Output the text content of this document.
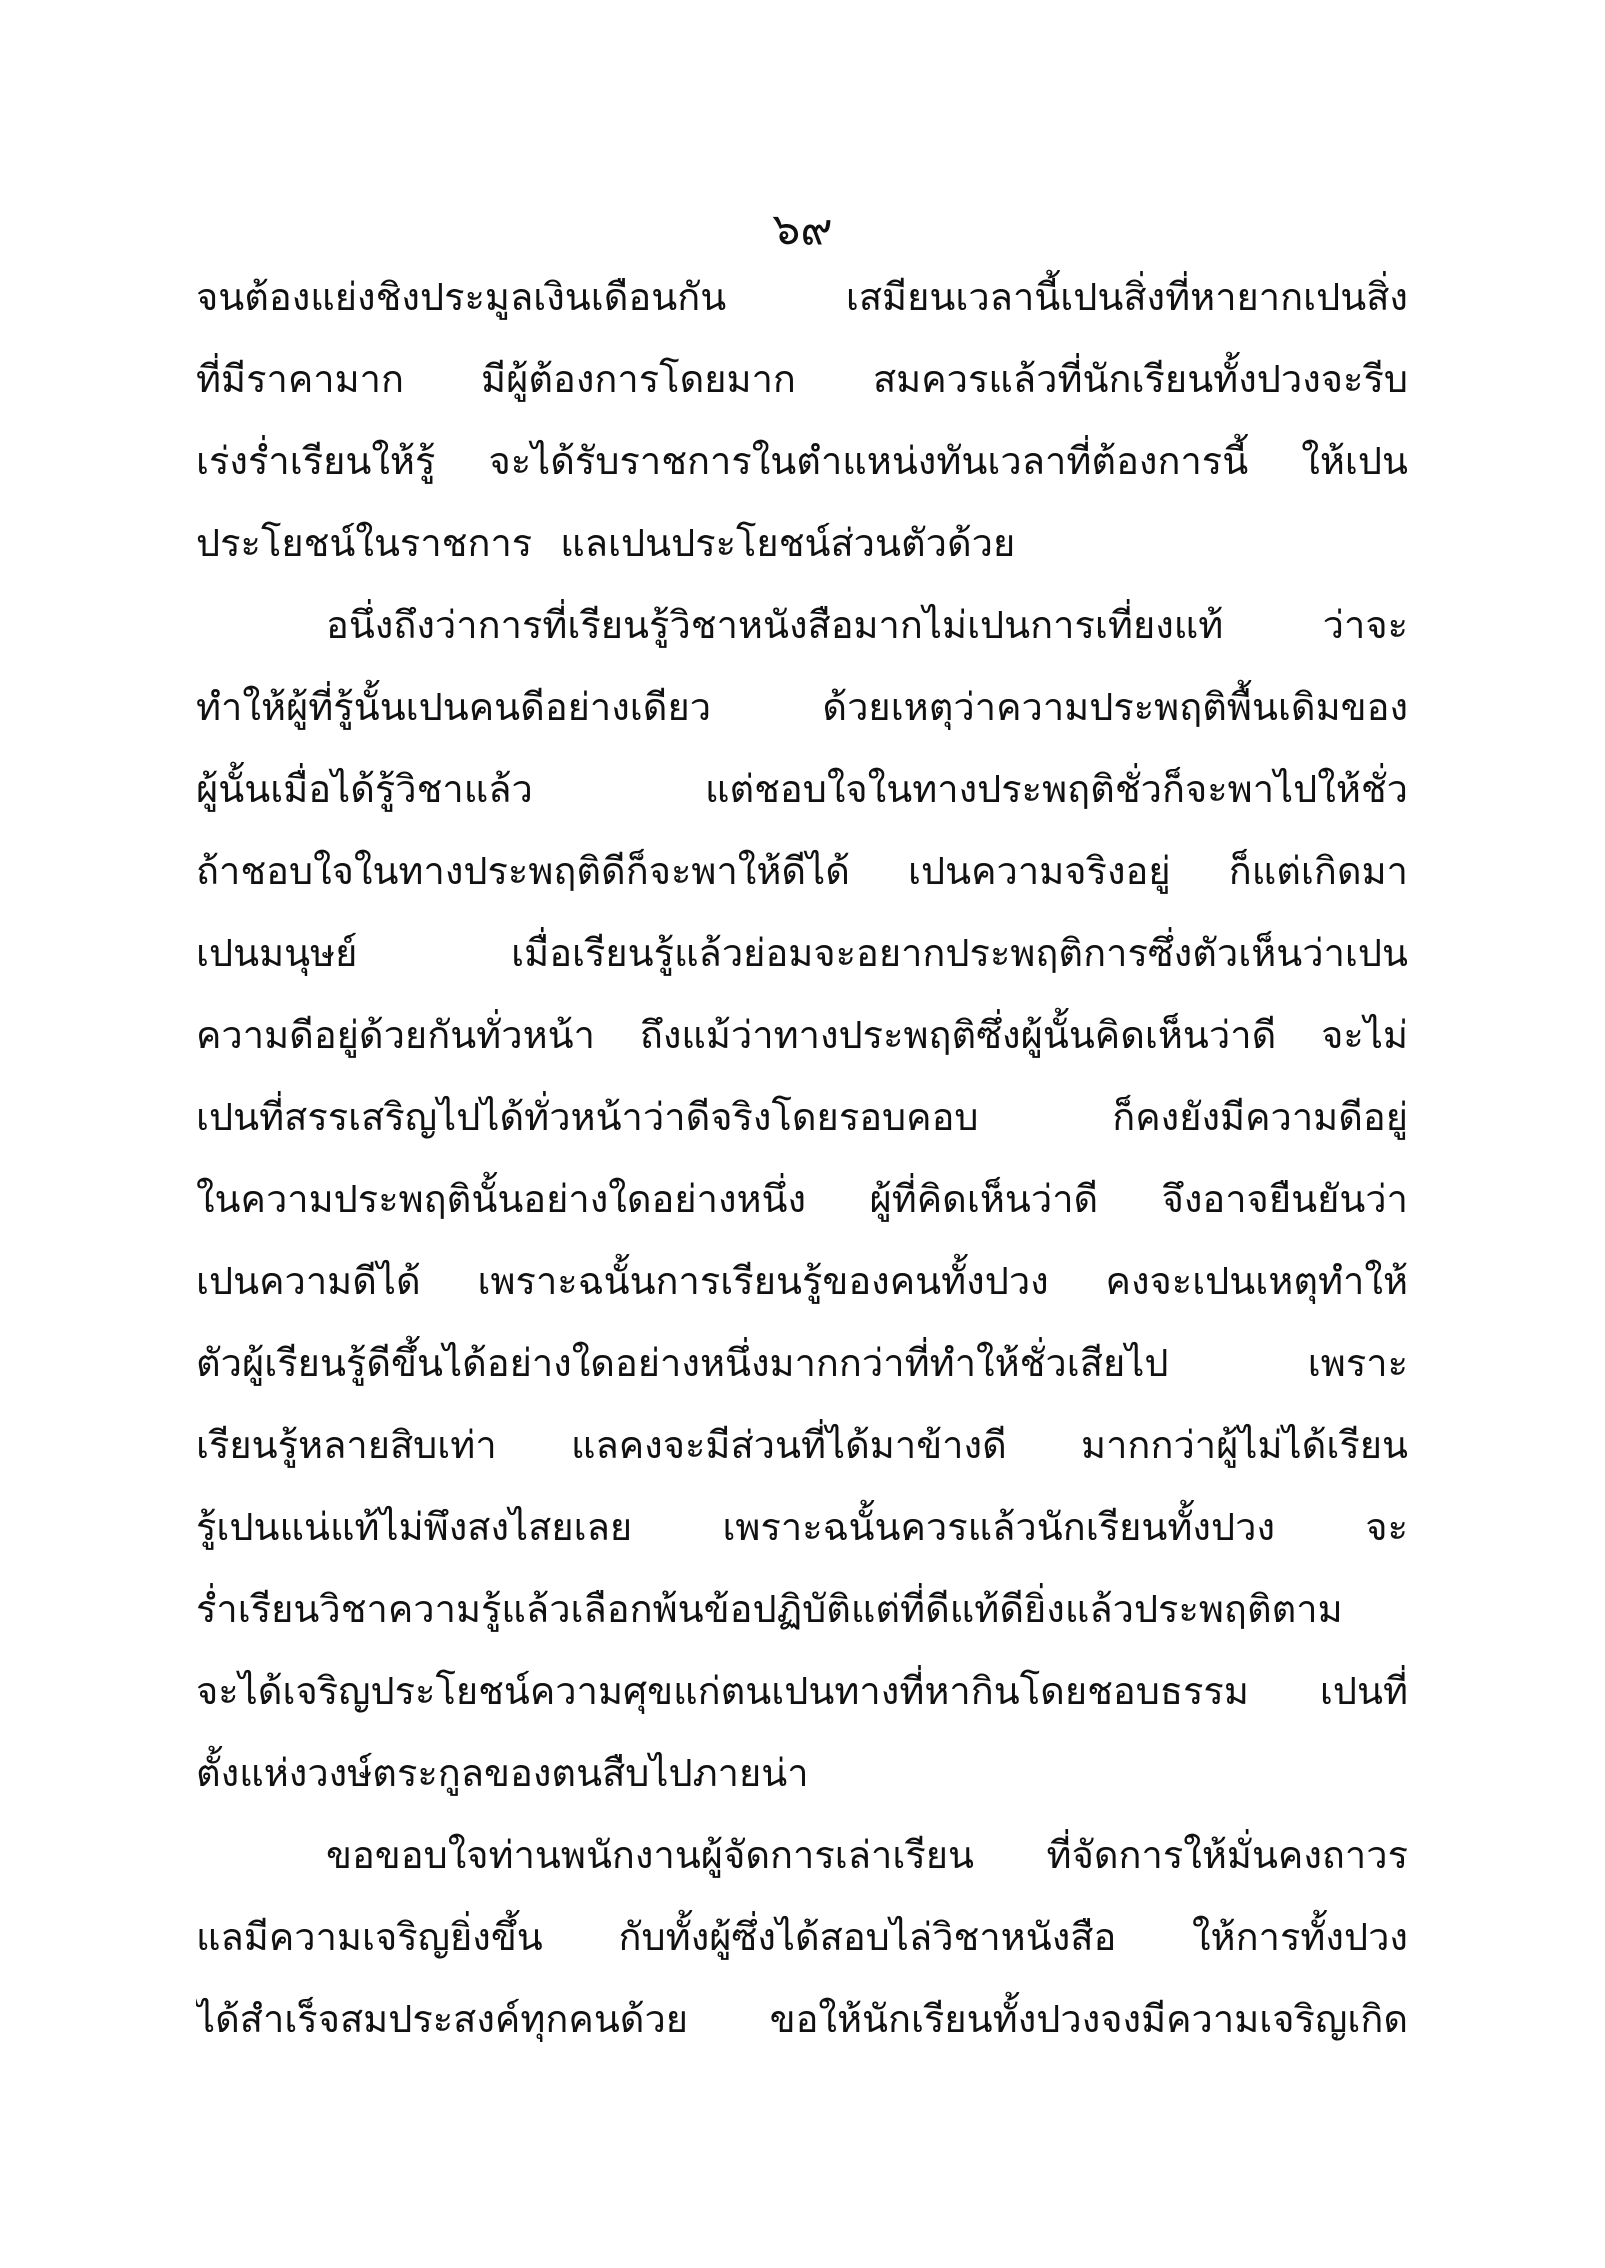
๖๙
จนต้องแย่งชิงประมูลเงินเดือนกัน	เสมียนเวลานี้เปนสิ่งที่หายากเปนสิ่ง
ที่มีราคามาก มีผู้ต้องการโดยมาก สมควรแล้วที่นักเรียนทั้งปวงจะรีบ
เร่งร่ำเรียนให้รู้ จะได้รับราชการในตำแหน่งทันเวลาที่ต้องการนี้ ให้เปน
ประโยชน์ในราชการ แลเปนประโยชน์ส่วนตัวด้วย
อนึ่งถึงว่าการที่เรียนรู้วิชาหนังสือมากไม่เปนการเที่ยงแท้	ว่าจะ
ทำให้ผู้ที่รู้นั้นเปนคนดีอย่างเดียว	ด้วยเหตุว่าความประพฤติพื้นเดิมของ
ผู้นั้นเมื่อได้รู้วิชาแล้ว	แต่ชอบใจในทางประพฤติชั่วก็จะพาไปให้ชั่ว
ถ้าชอบใจในทางประพฤติดีก็จะพาให้ดีได้ เปนความจริงอยู่ ก็แต่เกิดมา
เปนมนุษย์	เมื่อเรียนรู้แล้วย่อมจะอยากประพฤติการซึ่งตัวเห็นว่าเปน
ความดีอยู่ด้วยกันทั่วหน้า ถึงแม้ว่าทางประพฤติซึ่งผู้นั้นคิดเห็นว่าดี จะไม่
เปนที่สรรเสริญไปได้ทั่วหน้าว่าดีจริงโดยรอบคอบ	ก็คงยังมีความดีอยู่
ในความประพฤตินั้นอย่างใดอย่างหนึ่ง ผู้ที่คิดเห็นว่าดี จึงอาจยืนยันว่า
เปนความดีได้ เพราะฉนั้นการเรียนรู้ของคนทั้งปวง คงจะเปนเหตุทำให้
ตัวผู้เรียนรู้ดีขึ้นได้อย่างใดอย่างหนึ่งมากกว่าที่ทำให้ชั่วเสียไป	เพราะ
เรียนรู้หลายสิบเท่า แลคงจะมีส่วนที่ได้มาข้างดี มากกว่าผู้ไม่ได้เรียน
รู้เปนแน่แท้ไม่พึงสงไสยเลย เพราะฉนั้นควรแล้วนักเรียนทั้งปวง จะ
ร่ำเรียนวิชาความรู้แล้วเลือกพ้นข้อปฏิบัติแต่ที่ดีแท้ดียิ่งแล้วประพฤติตาม
จะได้เจริญประโยชน์ความศุขแก่ตนเปนทางที่หากินโดยชอบธรรม เปนที่
ตั้งแห่งวงษ์ตระกูลของตนสืบไปภายน่า
ขอขอบใจท่านพนักงานผู้จัดการเล่าเรียน ที่จัดการให้มั่นคงถาวร
แลมีความเจริญยิ่งขึ้น กับทั้งผู้ซึ่งได้สอบไล่วิชาหนังสือ ให้การทั้งปวง
ได้สำเร็จสมประสงค์ทุกคนด้วย ขอให้นักเรียนทั้งปวงจงมีความเจริญเกิด
